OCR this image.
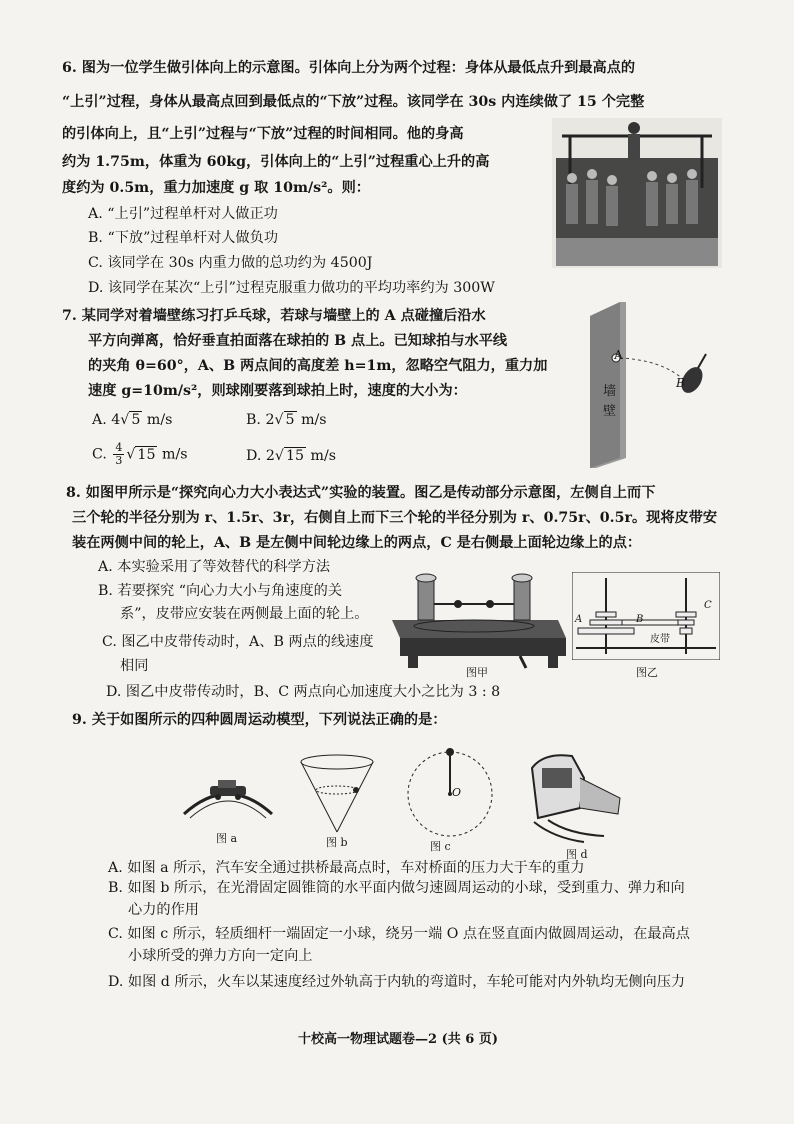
6. 图为一位学生做引体向上的示意图。引体向上分为两个过程：身体从最低点升到最高点的
“上引”过程，身体从最高点回到最低点的“下放”过程。该同学在 30s 内连续做了 15 个完整
的引体向上，且“上引”过程与“下放”过程的时间相同。他的身高
约为 1.75m，体重为 60kg，引体向上的“上引”过程重心上升的高
度约为 0.5m，重力加速度 g 取 10m/s²。则：
A. “上引”过程单杆对人做正功
B. “下放”过程单杆对人做负功
C. 该同学在 30s 内重力做的总功约为 4500J
D. 该同学在某次“上引”过程克服重力做功的平均功率约为 300W
7. 某同学对着墙壁练习打乒乓球，若球与墙壁上的 A 点碰撞后沿水
平方向弹离，恰好垂直拍面落在球拍的 B 点上。已知球拍与水平线
的夹角 θ=60°，A、B 两点间的高度差 h=1m，忽略空气阻力，重力加
速度 g=10m/s²，则球刚要落到球拍上时，速度的大小为：
A. 4√ 5 m/s	B. 2√ 5 m/s
C. $\frac{4}{3}$ √ 15 m/s	D. 2√ 15 m/s
A
B
墙
壁
8. 如图甲所示是“探究向心力大小表达式”实验的装置。图乙是传动部分示意图，左侧自上而下
三个轮的半径分别为 r、1.5r、3r，右侧自上而下三个轮的半径分别为 r、0.75r、0.5r。现将皮带安
装在两侧中间的轮上，A、B 是左侧中间轮边缘上的两点，C 是右侧最上面轮边缘上的点：
A. 本实验采用了等效替代的科学方法
B. 若要探究 “向心力大小与角速度的关
系”，皮带应安装在两侧最上面的轮上。
C. 图乙中皮带传动时，A、B 两点的线速度
相同
D. 图乙中皮带传动时，B、C 两点向心加速度大小之比为 3 : 8
图甲
A	B
C
皮带
图乙
9. 关于如图所示的四种圆周运动模型，下列说法正确的是：
图 a	图 b
O
图 c
图 d
A. 如图 a 所示，汽车安全通过拱桥最高点时，车对桥面的压力大于车的重力
B. 如图 b 所示，在光滑固定圆锥筒的水平面内做匀速圆周运动的小球，受到重力、弹力和向
心力的作用
C. 如图 c 所示，轻质细杆一端固定一小球，绕另一端 O 点在竖直面内做圆周运动，在最高点
小球所受的弹力方向一定向上
D. 如图 d 所示，火车以某速度经过外轨高于内轨的弯道时，车轮可能对内外轨均无侧向压力
十校高一物理试题卷—2 (共 6 页)
